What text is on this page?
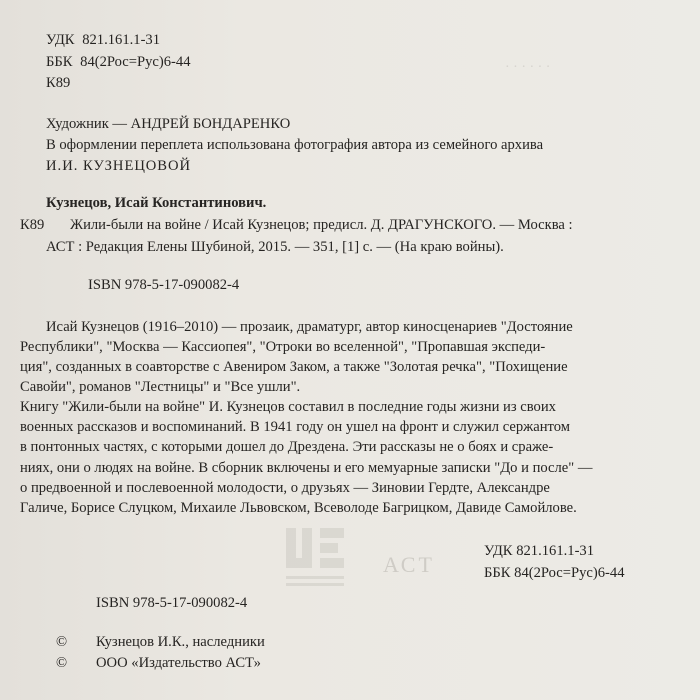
· · · · · ·
АСТ
УДК 821.161.1-31
ББК 84(2Рос=Рус)6-44
К89
Художник — АНДРЕЙ БОНДАРЕНКО
В оформлении переплета использована фотография автора из семейного архива
И.И. КУЗНЕЦОВОЙ
Кузнецов, Исай Константинович.
К89 Жили-были на войне / Исай Кузнецов; предисл. Д. ДРАГУНСКОГО. — Москва :
АСТ : Редакция Елены Шубиной, 2015. — 351, [1] с. — (На краю войны).
ISBN 978-5-17-090082-4
Исай Кузнецов (1916–2010) — прозаик, драматург, автор киносценариев "Достояние
Республики", "Москва — Кассиопея", "Отроки во вселенной", "Пропавшая экспеди-
ция", созданных в соавторстве с Авениром Заком, а также "Золотая речка", "Похищение
Савойи", романов "Лестницы" и "Все ушли".
Книгу "Жили-были на войне" И. Кузнецов составил в последние годы жизни из своих
военных рассказов и воспоминаний. В 1941 году он ушел на фронт и служил сержантом
в понтонных частях, с которыми дошел до Дрездена. Эти рассказы не о боях и сраже-
ниях, они о людях на войне. В сборник включены и его мемуарные записки "До и после" —
о предвоенной и послевоенной молодости, о друзьях — Зиновии Гердте, Александре
Галиче, Борисе Слуцком, Михаиле Львовском, Всеволоде Багрицком, Давиде Самойлове.
УДК 821.161.1-31
ББК 84(2Рос=Рус)6-44
ISBN 978-5-17-090082-4
© Кузнецов И.К., наследники
© ООО «Издательство АСТ»
